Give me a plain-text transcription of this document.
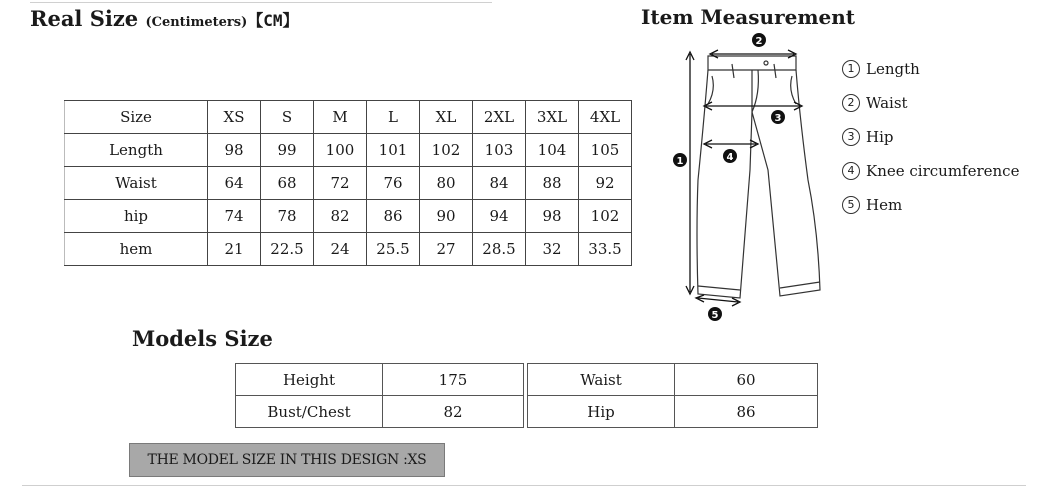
Real Size (Centimeters)【CM】
Size	XS	S	M	L	XL	2XL	3XL	4XL
Length	98	99	100	101	102	103	104	105
Waist	64	68	72	76	80	84	88	92
hip	74	78	82	86	90	94	98	102
hem	21	22.5	24	25.5	27	28.5	32	33.5
Item Measurement
1
2
3
4
5
1 Length
2 Waist
3 Hip
4 Knee circumference
5 Hem
Models Size
Height	175
Bust/Chest	82
Waist	60
Hip	86
THE MODEL SIZE IN THIS DESIGN :XS
